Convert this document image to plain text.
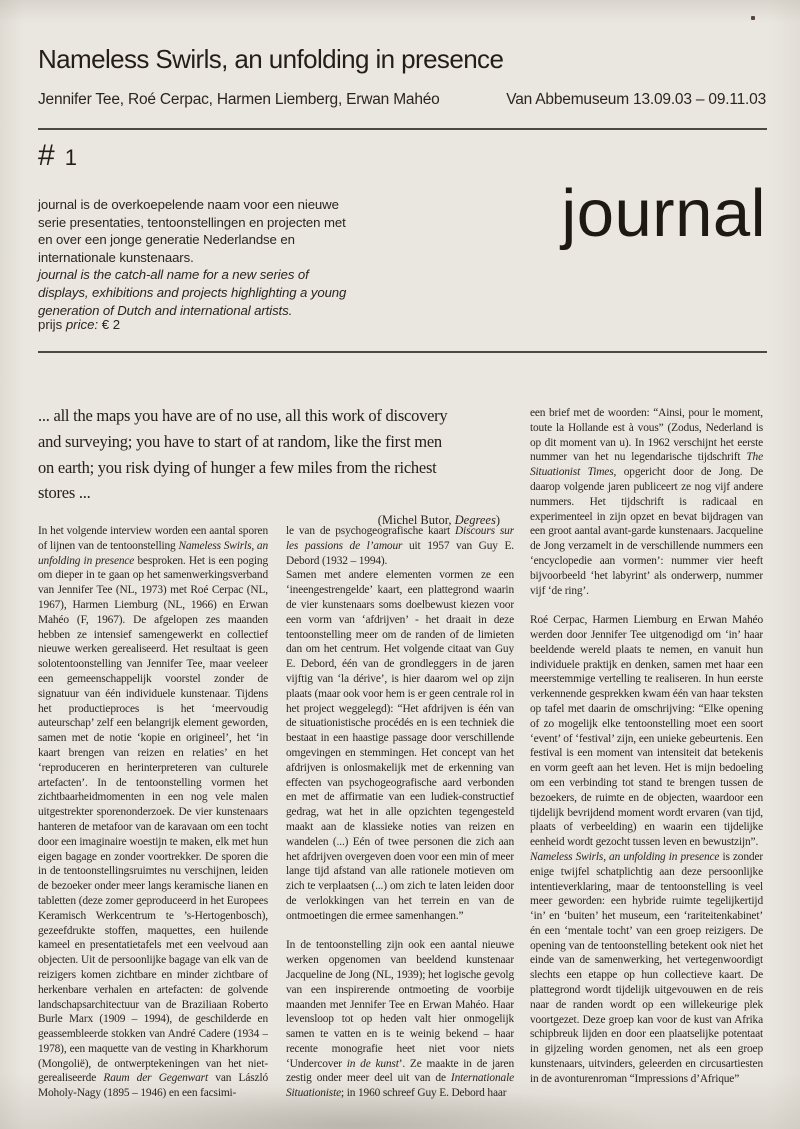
Nameless Swirls, an unfolding in presence
Jennifer Tee, Roé Cerpac, Harmen Liemberg, Erwan Mahéo	Van Abbemuseum 13.09.03 – 09.11.03
# 1

journal is de overkoepelende naam voor een nieuwe serie presentaties, tentoonstellingen en projecten met en over een jonge generatie Nederlandse en internationale kunstenaars.

journal is the catch-all name for a new series of displays, exhibitions and projects highlighting a young generation of Dutch and international artists.

prijs price: € 2
journal
... all the maps you have are of no use, all this work of discovery
and surveying; you have to start of at random, like the first men
on earth; you risk dying of hunger a few miles from the richest
stores ...
(Michel Butor, Degrees)

In het volgende interview worden een aantal sporen of lijnen van de tentoonstelling Nameless Swirls, an unfolding in presence besproken. Het is een poging om dieper in te gaan op het samenwerkingsverband van Jennifer Tee (NL, 1973) met Roé Cerpac (NL, 1967), Harmen Liemburg (NL, 1966) en Erwan Mahéo (F, 1967). De afgelopen zes maanden hebben ze intensief samengewerkt en collectief nieuwe werken gerealiseerd. Het resultaat is geen solotentoonstelling van Jennifer Tee, maar veeleer een gemeenschappelijk voorstel zonder de signatuur van één individuele kunstenaar. Tijdens het productieproces is het ‘meervoudig auteurschap’ zelf een belangrijk element geworden, samen met de notie ‘kopie en origineel’, het ‘in kaart brengen van reizen en relaties’ en het ‘reproduceren en herinterpreteren van culturele artefacten’. In de tentoonstelling vormen het zichtbaarheidmomenten in een nog vele malen uitgestrekter sporenonderzoek. De vier kunstenaars hanteren de metafoor van de karavaan om een tocht door een imaginaire woestijn te maken, elk met hun eigen bagage en zonder voortrekker. De sporen die in de tentoonstellingsruimtes nu verschijnen, leiden de bezoeker onder meer langs keramische lianen en tabletten (deze zomer geproduceerd in het Europees Keramisch Werkcentrum te ’s-Hertogenbosch), gezeefdrukte stoffen, maquettes, een huilende kameel en presentatietafels met een veelvoud aan objecten. Uit de persoonlijke bagage van elk van de reizigers komen zichtbare en minder zichtbare of herkenbare verhalen en artefacten: de golvende landschapsarchitectuur van de Braziliaan Roberto Burle Marx (1909 – 1994), de geschilderde en geassembleerde stokken van André Cadere (1934 – 1978), een maquette van de vesting in Kharkhorum (Mongolië), de ontwerptekeningen van het niet-gerealiseerde Raum der Gegenwart van László Moholy-Nagy (1895 – 1946) en een facsimi-

le van de psychogeografische kaart Discours sur les passions de l’amour uit 1957 van Guy E. Debord (1932 – 1994).

Samen met andere elementen vormen ze een ‘ineengestrengelde’ kaart, een plattegrond waarin de vier kunstenaars soms doelbewust kiezen voor een vorm van ‘afdrijven’ - het draait in deze tentoonstelling meer om de randen of de limieten dan om het centrum. Het volgende citaat van Guy E. Debord, één van de grondleggers in de jaren vijftig van ‘la dérive’, is hier daarom wel op zijn plaats (maar ook voor hem is er geen centrale rol in het project weggelegd): “Het afdrijven is één van de situationistische procédés en is een techniek die bestaat in een haastige passage door verschillende omgevingen en stemmingen. Het concept van het afdrijven is onlosmakelijk met de erkenning van effecten van psychogeografische aard verbonden en met de affirmatie van een ludiek-constructief gedrag, wat het in alle opzichten tegengesteld maakt aan de klassieke noties van reizen en wandelen (...) Eén of twee personen die zich aan het afdrijven overgeven doen voor een min of meer lange tijd afstand van alle rationele motieven om zich te verplaatsen (...) om zich te laten leiden door de verlokkingen van het terrein en van de ontmoetingen die ermee samenhangen.”

In de tentoonstelling zijn ook een aantal nieuwe werken opgenomen van beeldend kunstenaar Jacqueline de Jong (NL, 1939); het logische gevolg van een inspirerende ontmoeting de voorbije maanden met Jennifer Tee en Erwan Mahéo. Haar levensloop tot op heden valt hier onmogelijk samen te vatten en is te weinig bekend – haar recente monografie heet niet voor niets ‘Undercover in de kunst’. Ze maakte in de jaren zestig onder meer deel uit van de Internationale Situationiste; in 1960 schreef Guy E. Debord haar

een brief met de woorden: “Ainsi, pour le moment, toute la Hollande est à vous” (Zodus, Nederland is op dit moment van u). In 1962 verschijnt het eerste nummer van het nu legendarische tijdschrift The Situationist Times, opgericht door de Jong. De daarop volgende jaren publiceert ze nog vijf andere nummers. Het tijdschrift is radicaal en experimenteel in zijn opzet en bevat bijdragen van een groot aantal avant-garde kunstenaars. Jacqueline de Jong verzamelt in de verschillende nummers een ‘encyclopedie aan vormen’: nummer vier heeft bijvoorbeeld ‘het labyrint’ als onderwerp, nummer vijf ‘de ring’.

Roé Cerpac, Harmen Liemburg en Erwan Mahéo werden door Jennifer Tee uitgenodigd om ‘in’ haar beeldende wereld plaats te nemen, en vanuit hun individuele praktijk en denken, samen met haar een meerstemmige vertelling te realiseren. In hun eerste verkennende gesprekken kwam één van haar teksten op tafel met daarin de omschrijving: “Elke opening of zo mogelijk elke tentoonstelling moet een soort ‘event’ of ‘festival’ zijn, een unieke gebeurtenis. Een festival is een moment van intensiteit dat betekenis en vorm geeft aan het leven. Het is mijn bedoeling om een verbinding tot stand te brengen tussen de bezoekers, de ruimte en de objecten, waardoor een tijdelijk bevrijdend moment wordt ervaren (van tijd, plaats of verbeelding) en waarin een tijdelijke eenheid wordt gezocht tussen leven en bewustzijn”.

Nameless Swirls, an unfolding in presence is zonder enige twijfel schatplichtig aan deze persoonlijke intentieverklaring, maar de tentoonstelling is veel meer geworden: een hybride ruimte tegelijkertijd ‘in’ en ‘buiten’ het museum, een ‘rariteitenkabinet’ én een ‘mentale tocht’ van een groep reizigers. De opening van de tentoonstelling betekent ook niet het einde van de samenwerking, het vertegenwoordigt slechts een etappe op hun collectieve kaart. De plattegrond wordt tijdelijk uitgevouwen en de reis naar de randen wordt op een willekeurige plek voortgezet. Deze groep kan voor de kust van Afrika schipbreuk lijden en door een plaatselijke potentaat in gijzeling worden genomen, net als een groep kunstenaars, uitvinders, geleerden en circusartiesten in de avonturenroman “Impressions d’Afrique”
